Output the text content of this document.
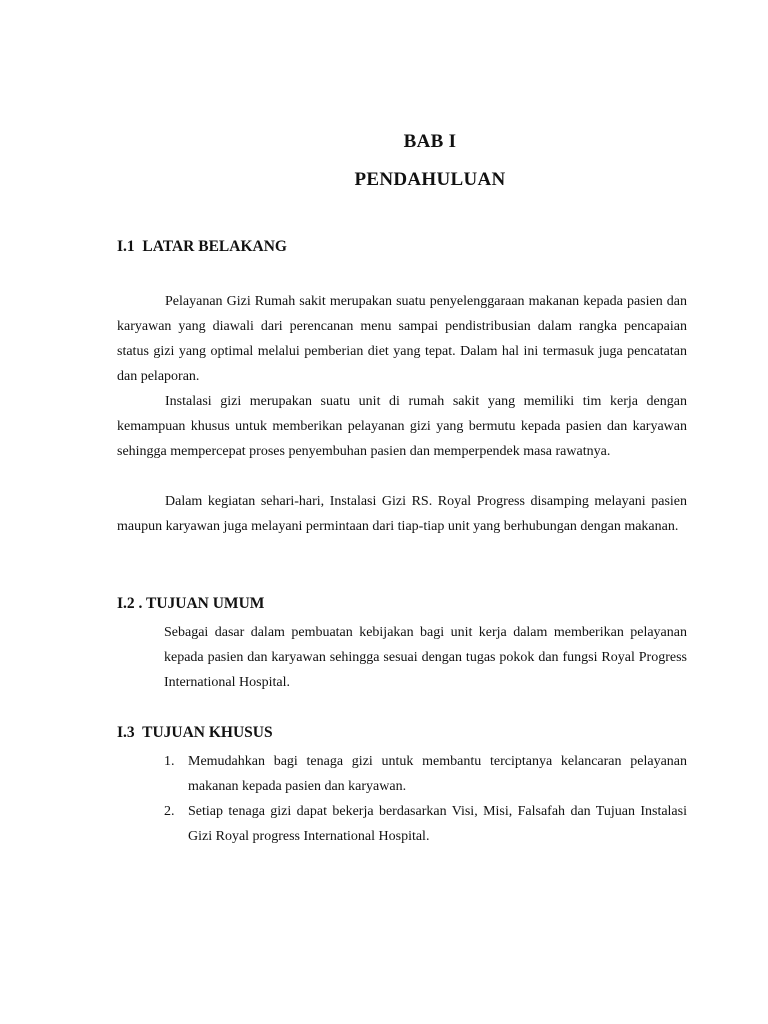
BAB I
PENDAHULUAN
I.1  LATAR BELAKANG

Pelayanan Gizi Rumah sakit merupakan suatu penyelenggaraan makanan kepada pasien dan karyawan yang diawali dari perencanan menu sampai pendistribusian dalam rangka pencapaian status gizi yang optimal melalui pemberian diet yang tepat. Dalam hal ini termasuk juga pencatatan dan pelaporan.

Instalasi gizi merupakan suatu unit di rumah sakit yang memiliki tim kerja dengan kemampuan khusus untuk memberikan pelayanan gizi yang bermutu kepada pasien dan karyawan sehingga mempercepat proses penyembuhan pasien dan memperpendek masa rawatnya.

Dalam kegiatan sehari-hari, Instalasi Gizi RS. Royal Progress disamping melayani pasien maupun karyawan juga melayani permintaan dari tiap-tiap unit yang berhubungan dengan makanan.

I.2 . TUJUAN UMUM

Sebagai dasar dalam pembuatan kebijakan bagi unit kerja dalam memberikan pelayanan kepada pasien dan karyawan sehingga sesuai dengan tugas pokok dan fungsi Royal Progress International Hospital.

I.3  TUJUAN KHUSUS
1. Memudahkan bagi tenaga gizi untuk membantu terciptanya kelancaran pelayanan makanan kepada pasien dan karyawan.
2. Setiap tenaga gizi dapat bekerja berdasarkan Visi, Misi, Falsafah dan Tujuan Instalasi Gizi Royal progress International Hospital.
